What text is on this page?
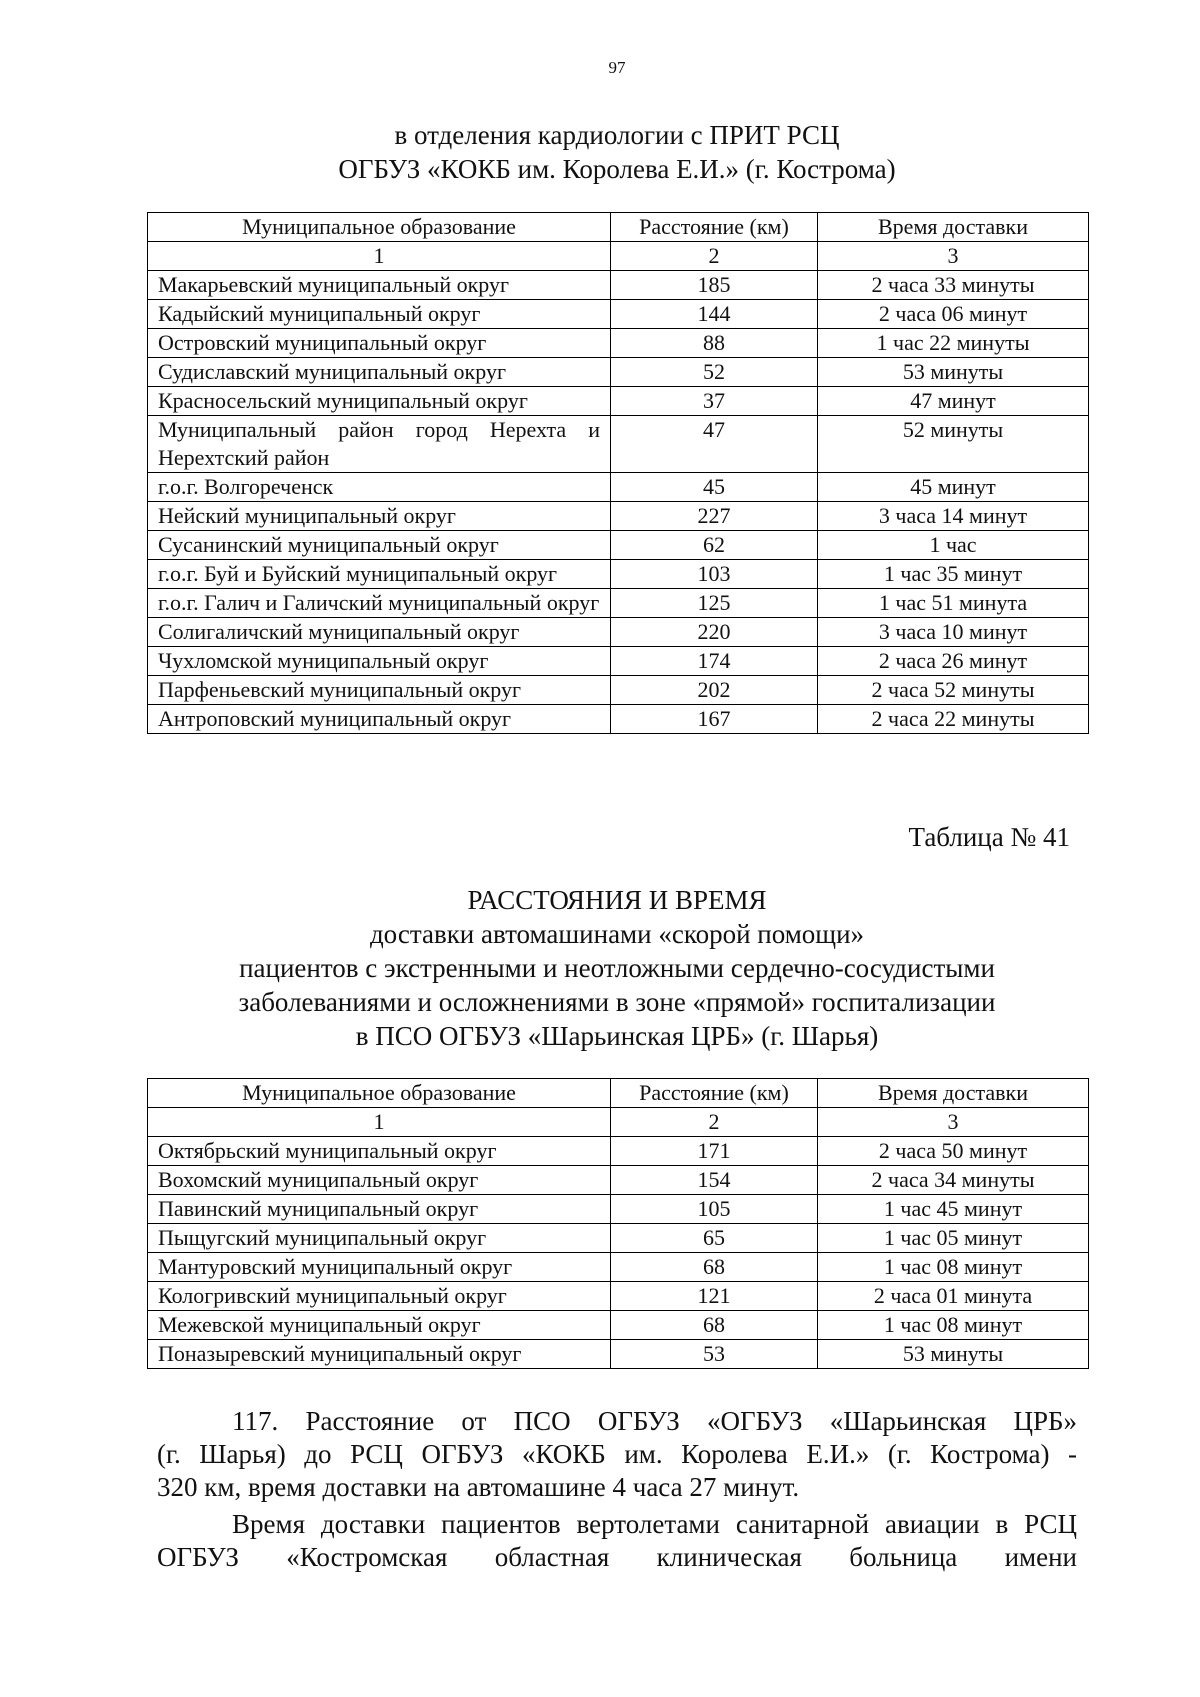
97
в отделения кардиологии с ПРИТ РСЦ
ОГБУЗ «КОКБ им. Королева Е.И.» (г. Кострома)
Муниципальное образование	Расстояние (км)	Время доставки
1	2	3
Макарьевский муниципальный округ	185	2 часа 33 минуты
Кадыйский муниципальный округ	144	2 часа 06 минут
Островский муниципальный округ	88	1 час 22 минуты
Судиславский муниципальный округ	52	53 минуты
Красносельский муниципальный округ	37	47 минут
Муниципальный район город Нерехта и Нерехтский район	47	52 минуты
г.о.г. Волгореченск	45	45 минут
Нейский муниципальный округ	227	3 часа 14 минут
Сусанинский муниципальный округ	62	1 час
г.о.г. Буй и Буйский муниципальный округ	103	1 час 35 минут
г.о.г. Галич и Галичский муниципальный округ	125	1 час 51 минута
Солигаличский муниципальный округ	220	3 часа 10 минут
Чухломской муниципальный округ	174	2 часа 26 минут
Парфеньевский муниципальный округ	202	2 часа 52 минуты
Антроповский муниципальный округ	167	2 часа 22 минуты
Таблица № 41
РАССТОЯНИЯ И ВРЕМЯ
доставки автомашинами «скорой помощи»
пациентов с экстренными и неотложными сердечно-сосудистыми
заболеваниями и осложнениями в зоне «прямой» госпитализации
в ПСО ОГБУЗ «Шарьинская ЦРБ» (г. Шарья)
Муниципальное образование	Расстояние (км)	Время доставки
1	2	3
Октябрьский муниципальный округ	171	2 часа 50 минут
Вохомский муниципальный округ	154	2 часа 34 минуты
Павинский муниципальный округ	105	1 час 45 минут
Пыщугский муниципальный округ	65	1 час 05 минут
Мантуровский муниципальный округ	68	1 час 08 минут
Кологривский муниципальный округ	121	2 часа 01 минута
Межевской муниципальный округ	68	1 час 08 минут
Поназыревский муниципальный округ	53	53 минуты
117. Расстояние от ПСО ОГБУЗ «ОГБУЗ «Шарьинская ЦРБ»
(г. Шарья) до РСЦ ОГБУЗ «КОКБ им. Королева Е.И.» (г. Кострома) -
320 км, время доставки на автомашине 4 часа 27 минут.
Время доставки пациентов вертолетами санитарной авиации в РСЦ
ОГБУЗ «Костромская областная клиническая больница имени
